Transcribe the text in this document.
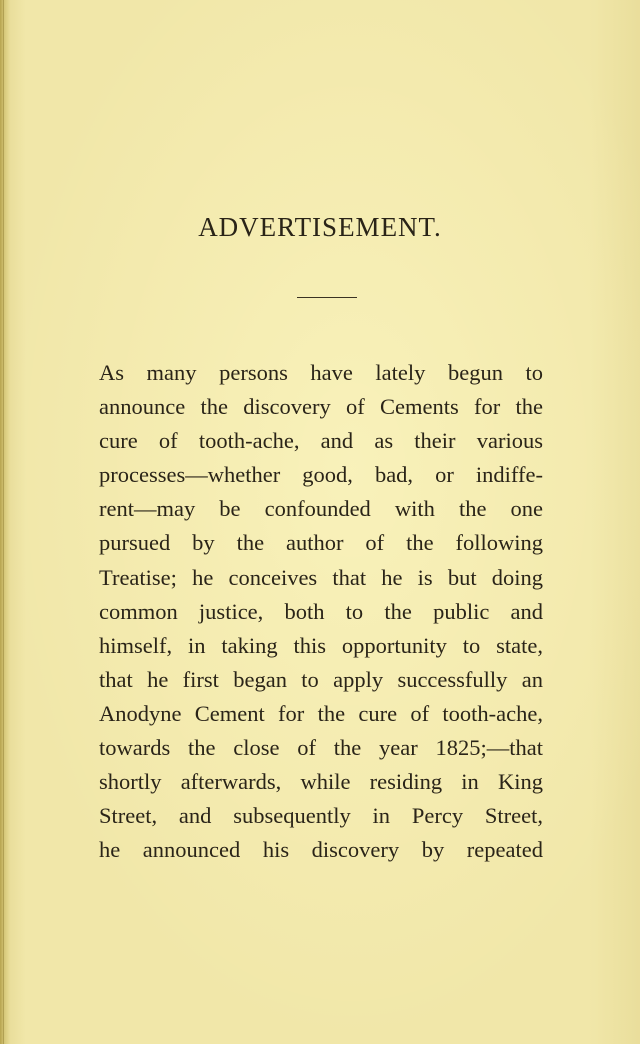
ADVERTISEMENT.
As many persons have lately begun to
announce the discovery of Cements for the
cure of tooth-ache, and as their various
processes—whether good, bad, or indiffe-
rent—may be confounded with the one
pursued by the author of the following
Treatise; he conceives that he is but doing
common justice, both to the public and
himself, in taking this opportunity to state,
that he first began to apply successfully an
Anodyne Cement for the cure of tooth-ache,
towards the close of the year 1825;—that
shortly afterwards, while residing in King
Street, and subsequently in Percy Street,
he announced his discovery by repeated
